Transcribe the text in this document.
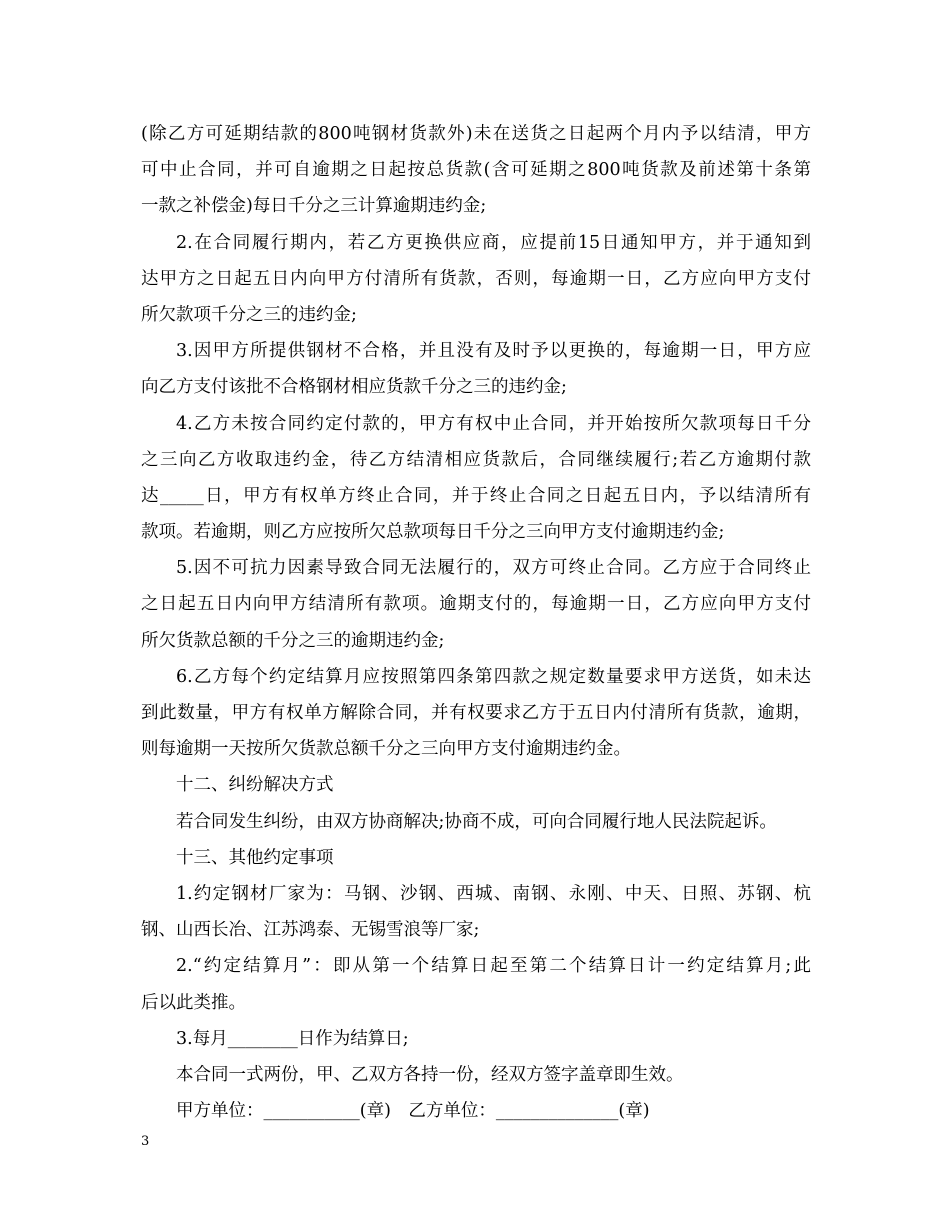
(除乙方可延期结款的800吨钢材货款外)未在送货之日起两个月内予以结清，甲方
可中止合同，并可自逾期之日起按总货款(含可延期之800吨货款及前述第十条第
一款之补偿金)每日千分之三计算逾期违约金;
2.在合同履行期内，若乙方更换供应商，应提前15日通知甲方，并于通知到
达甲方之日起五日内向甲方付清所有货款，否则，每逾期一日，乙方应向甲方支付
所欠款项千分之三的违约金;
3.因甲方所提供钢材不合格，并且没有及时予以更换的，每逾期一日，甲方应
向乙方支付该批不合格钢材相应货款千分之三的违约金;
4.乙方未按合同约定付款的，甲方有权中止合同，并开始按所欠款项每日千分
之三向乙方收取违约金，待乙方结清相应货款后，合同继续履行;若乙方逾期付款
达_____日，甲方有权单方终止合同，并于终止合同之日起五日内，予以结清所有
款项。若逾期，则乙方应按所欠总款项每日千分之三向甲方支付逾期违约金;
5.因不可抗力因素导致合同无法履行的，双方可终止合同。乙方应于合同终止
之日起五日内向甲方结清所有款项。逾期支付的，每逾期一日，乙方应向甲方支付
所欠货款总额的千分之三的逾期违约金;
6.乙方每个约定结算月应按照第四条第四款之规定数量要求甲方送货，如未达
到此数量，甲方有权单方解除合同，并有权要求乙方于五日内付清所有货款，逾期，
则每逾期一天按所欠货款总额千分之三向甲方支付逾期违约金。
十二、纠纷解决方式
若合同发生纠纷，由双方协商解决;协商不成，可向合同履行地人民法院起诉。
十三、其他约定事项
1.约定钢材厂家为：马钢、沙钢、西城、南钢、永刚、中天、日照、苏钢、杭
钢、山西长冶、江苏鸿泰、无锡雪浪等厂家;
2.“约定结算月”：即从第一个结算日起至第二个结算日计一约定结算月;此
后以此类推。
3.每月________日作为结算日;
本合同一式两份，甲、乙双方各持一份，经双方签字盖章即生效。
甲方单位：___________(章)　乙方单位：______________(章)
3
